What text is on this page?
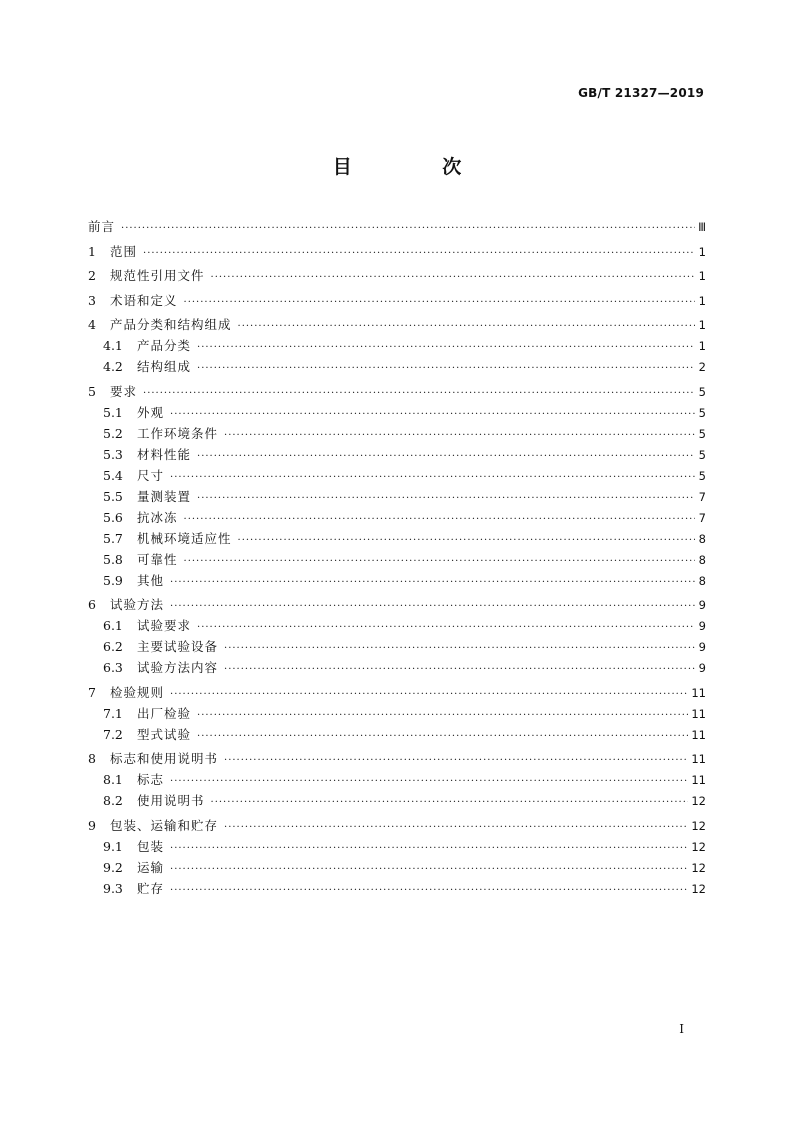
GB/T 21327—2019
目 次
前言 ·····	Ⅲ
1	范围 ·····	1
2	规范性引用文件 ·····	1
3	术语和定义 ·····	1
4	产品分类和结构组成 ·····	1
4.1	产品分类 ·····	1
4.2	结构组成 ·····	2
5	要求 ·····	5
5.1	外观 ·····	5
5.2	工作环境条件 ·····	5
5.3	材料性能 ·····	5
5.4	尺寸 ·····	5
5.5	量测装置 ·····	7
5.6	抗冰冻 ·····	7
5.7	机械环境适应性 ·····	8
5.8	可靠性 ·····	8
5.9	其他 ·····	8
6	试验方法 ·····	9
6.1	试验要求 ·····	9
6.2	主要试验设备 ·····	9
6.3	试验方法内容 ·····	9
7	检验规则 ·····	11
7.1	出厂检验 ·····	11
7.2	型式试验 ·····	11
8	标志和使用说明书 ·····	11
8.1	标志 ·····	11
8.2	使用说明书 ·····	12
9	包装、运输和贮存 ·····	12
9.1	包装 ·····	12
9.2	运输 ·····	12
9.3	贮存 ·····	12
I
